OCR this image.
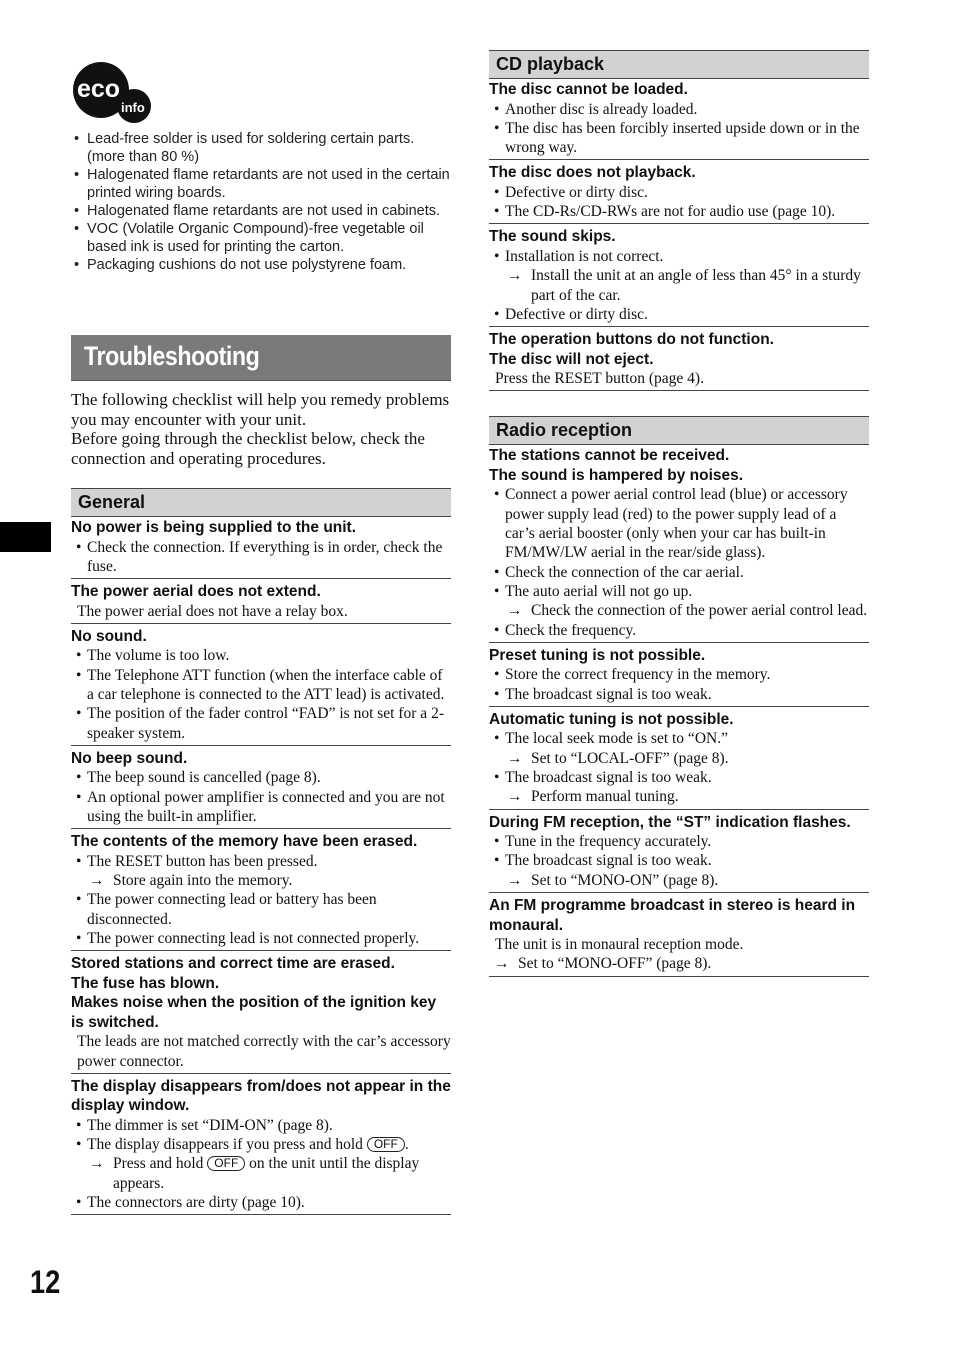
eco
info
• Lead-free solder is used for soldering certain parts. (more than 80 %)
• Halogenated flame retardants are not used in the certain printed wiring boards.
• Halogenated flame retardants are not used in cabinets.
• VOC (Volatile Organic Compound)-free vegetable oil based ink is used for printing the carton.
• Packaging cushions do not use polystyrene foam.
Troubleshooting

The following checklist will help you remedy problems you may encounter with your unit.

Before going through the checklist below, check the connection and operating procedures.

General
No power is being supplied to the unit.
• Check the connection. If everything is in order, check the fuse.
The power aerial does not extend.
The power aerial does not have a relay box.
No sound.
• The volume is too low.
• The Telephone ATT function (when the interface cable of a car telephone is connected to the ATT lead) is activated.
• The position of the fader control “FAD” is not set for a 2-speaker system.
No beep sound.
• The beep sound is cancelled (page 8).
• An optional power amplifier is connected and you are not using the built-in amplifier.
The contents of the memory have been erased.
• The RESET button has been pressed.
→ Store again into the memory.
• The power connecting lead or battery has been disconnected.
• The power connecting lead is not connected properly.
Stored stations and correct time are erased.
The fuse has blown.
Makes noise when the position of the ignition key is switched.
The leads are not matched correctly with the car’s accessory power connector.
The display disappears from/does not appear in the display window.
• The dimmer is set “DIM-ON” (page 8).
• The display disappears if you press and hold OFF .
→ Press and hold OFF on the unit until the display appears.
• The connectors are dirty (page 10).
CD playback
The disc cannot be loaded.
• Another disc is already loaded.
• The disc has been forcibly inserted upside down or in the wrong way.
The disc does not playback.
• Defective or dirty disc.
• The CD-Rs/CD-RWs are not for audio use (page 10).
The sound skips.
• Installation is not correct.
→ Install the unit at an angle of less than 45° in a sturdy part of the car.
• Defective or dirty disc.
The operation buttons do not function.
The disc will not eject.
Press the RESET button (page 4).
Radio reception
The stations cannot be received.
The sound is hampered by noises.
• Connect a power aerial control lead (blue) or accessory power supply lead (red) to the power supply lead of a car’s aerial booster (only when your car has built-in FM/MW/LW aerial in the rear/side glass).
• Check the connection of the car aerial.
• The auto aerial will not go up.
→ Check the connection of the power aerial control lead.
• Check the frequency.
Preset tuning is not possible.
• Store the correct frequency in the memory.
• The broadcast signal is too weak.
Automatic tuning is not possible.
• The local seek mode is set to “ON.”
→ Set to “LOCAL-OFF” (page 8).
• The broadcast signal is too weak.
→ Perform manual tuning.
During FM reception, the “ST” indication flashes.
• Tune in the frequency accurately.
• The broadcast signal is too weak.
→ Set to “MONO-ON” (page 8).
An FM programme broadcast in stereo is heard in monaural.
The unit is in monaural reception mode.
→ Set to “MONO-OFF” (page 8).
12
